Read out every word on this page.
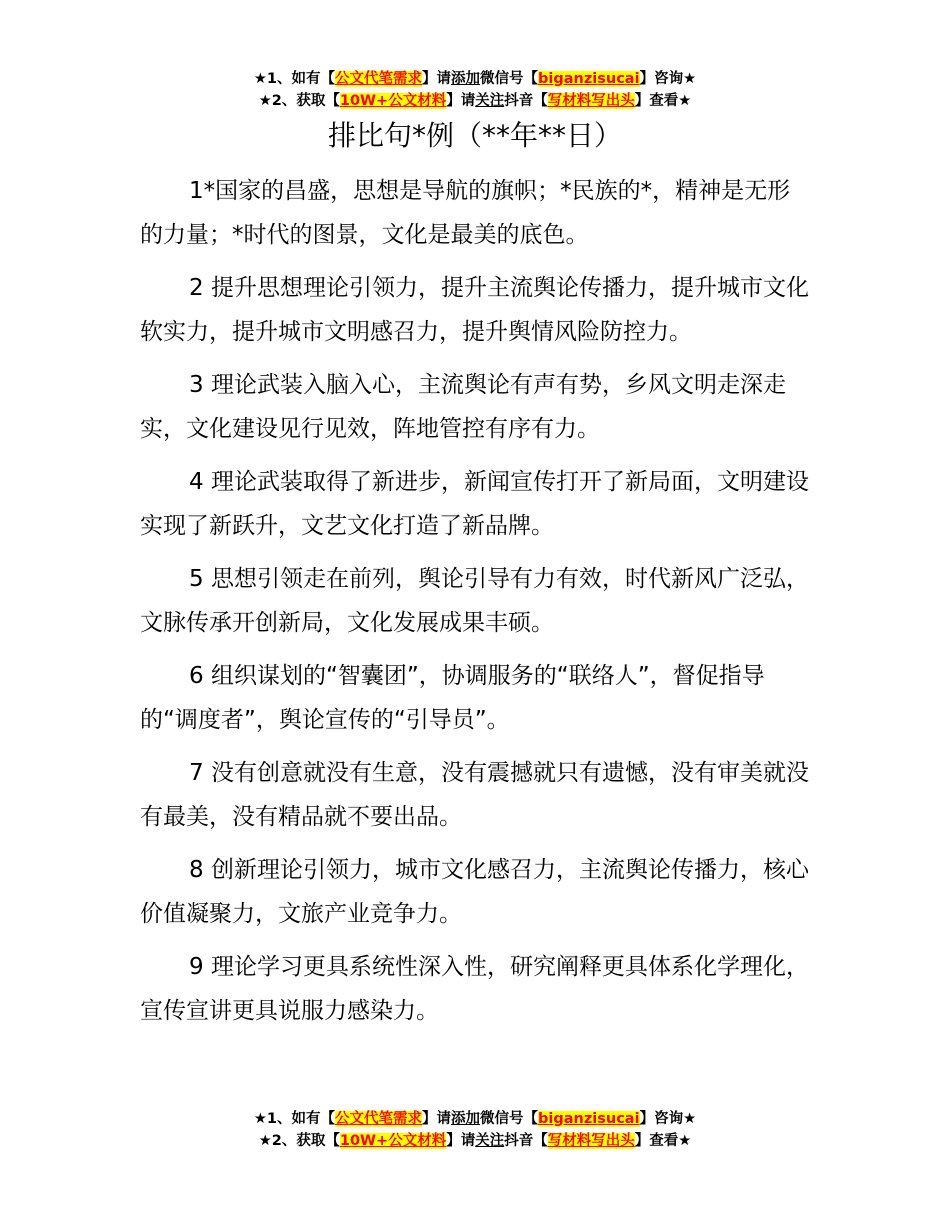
★1、如有【公文代笔需求】请添加微信号【biganzisucai】咨询★
★2、获取【10W+公文材料】请关注抖音【写材料写出头】查看★
排比句*例（**年**日）

1*国家的昌盛，思想是导航的旗帜；*民族的*，精神是无形的力量；*时代的图景，文化是最美的底色。

2 提升思想理论引领力，提升主流舆论传播力，提升城市文化软实力，提升城市文明感召力，提升舆情风险防控力。

3 理论武装入脑入心，主流舆论有声有势，乡风文明走深走实，文化建设见行见效，阵地管控有序有力。

4 理论武装取得了新进步，新闻宣传打开了新局面，文明建设实现了新跃升，文艺文化打造了新品牌。

5 思想引领走在前列，舆论引导有力有效，时代新风广泛弘，文脉传承开创新局，文化发展成果丰硕。

6 组织谋划的“智囊团”，协调服务的“联络人”，督促指导的“调度者”，舆论宣传的“引导员”。

7 没有创意就没有生意，没有震撼就只有遗憾，没有审美就没有最美，没有精品就不要出品。

8 创新理论引领力，城市文化感召力，主流舆论传播力，核心价值凝聚力，文旅产业竞争力。

9 理论学习更具系统性深入性，研究阐释更具体系化学理化，宣传宣讲更具说服力感染力。

★1、如有【公文代笔需求】请添加微信号【biganzisucai】咨询★
★2、获取【10W+公文材料】请关注抖音【写材料写出头】查看★
